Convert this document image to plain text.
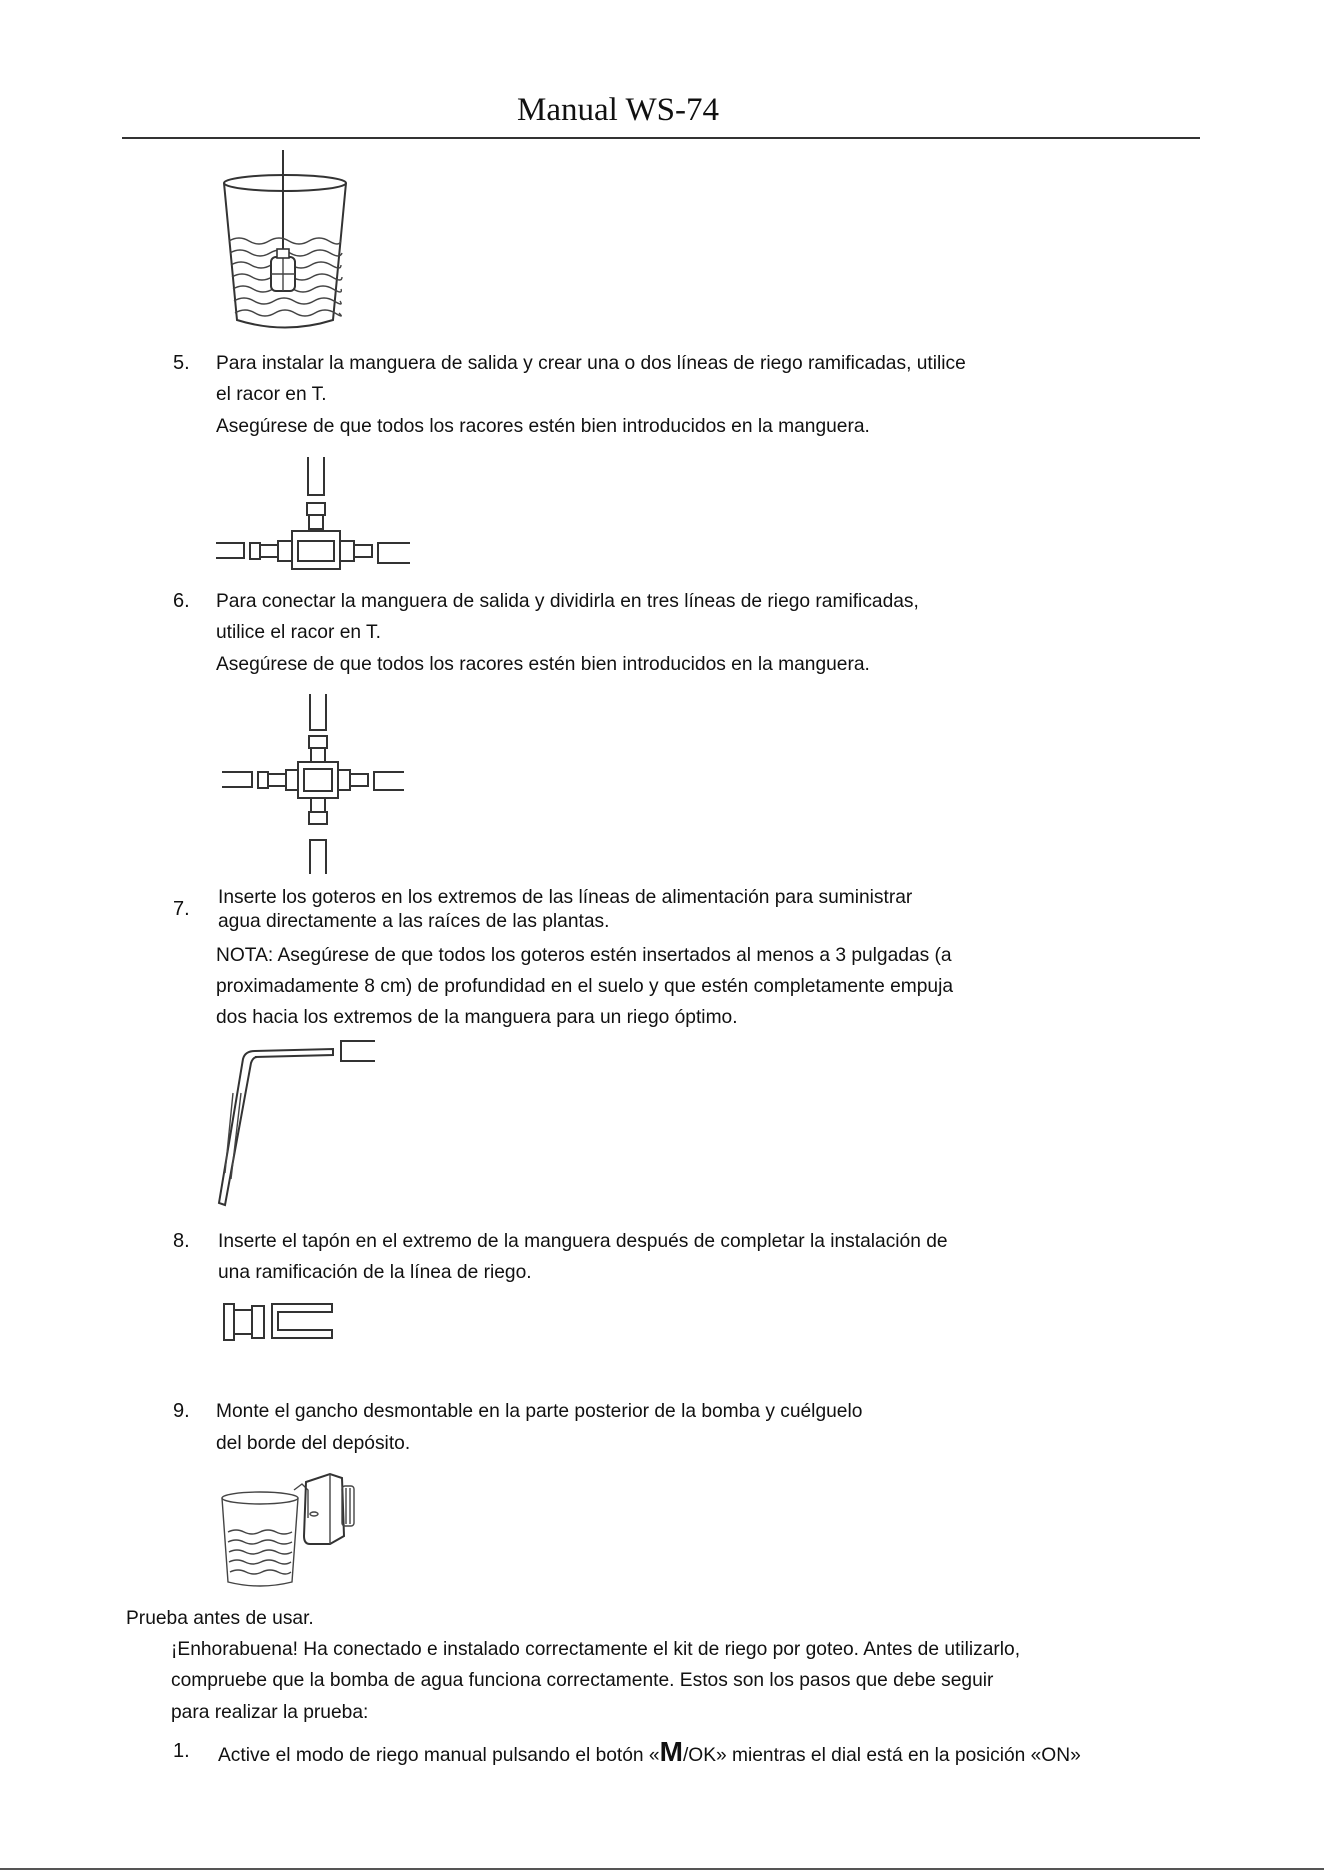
Manual WS-74
5. Para instalar la manguera de salida y crear una o dos líneas de riego ramificadas, utilice
el racor en T.
Asegúrese de que todos los racores estén bien introducidos en la manguera.
6. Para conectar la manguera de salida y dividirla en tres líneas de riego ramificadas,
utilice el racor en T.
Asegúrese de que todos los racores estén bien introducidos en la manguera.
7.
Inserte los goteros en los extremos de las líneas de alimentación para suministrar
agua directamente a las raíces de las plantas.
NOTA: Asegúrese de que todos los goteros estén insertados al menos a 3 pulgadas (a
proximadamente 8 cm) de profundidad en el suelo y que estén completamente empuja
dos hacia los extremos de la manguera para un riego óptimo.
8. Inserte el tapón en el extremo de la manguera después de completar la instalación de
una ramificación de la línea de riego.
9. Monte el gancho desmontable en la parte posterior de la bomba y cuélguelo
del borde del depósito.
Prueba antes de usar.
¡Enhorabuena! Ha conectado e instalado correctamente el kit de riego por goteo. Antes de utilizarlo,
compruebe que la bomba de agua funciona correctamente. Estos son los pasos que debe seguir
para realizar la prueba:
1. Active el modo de riego manual pulsando el botón «M/OK» mientras el dial está en la posición «ON»
